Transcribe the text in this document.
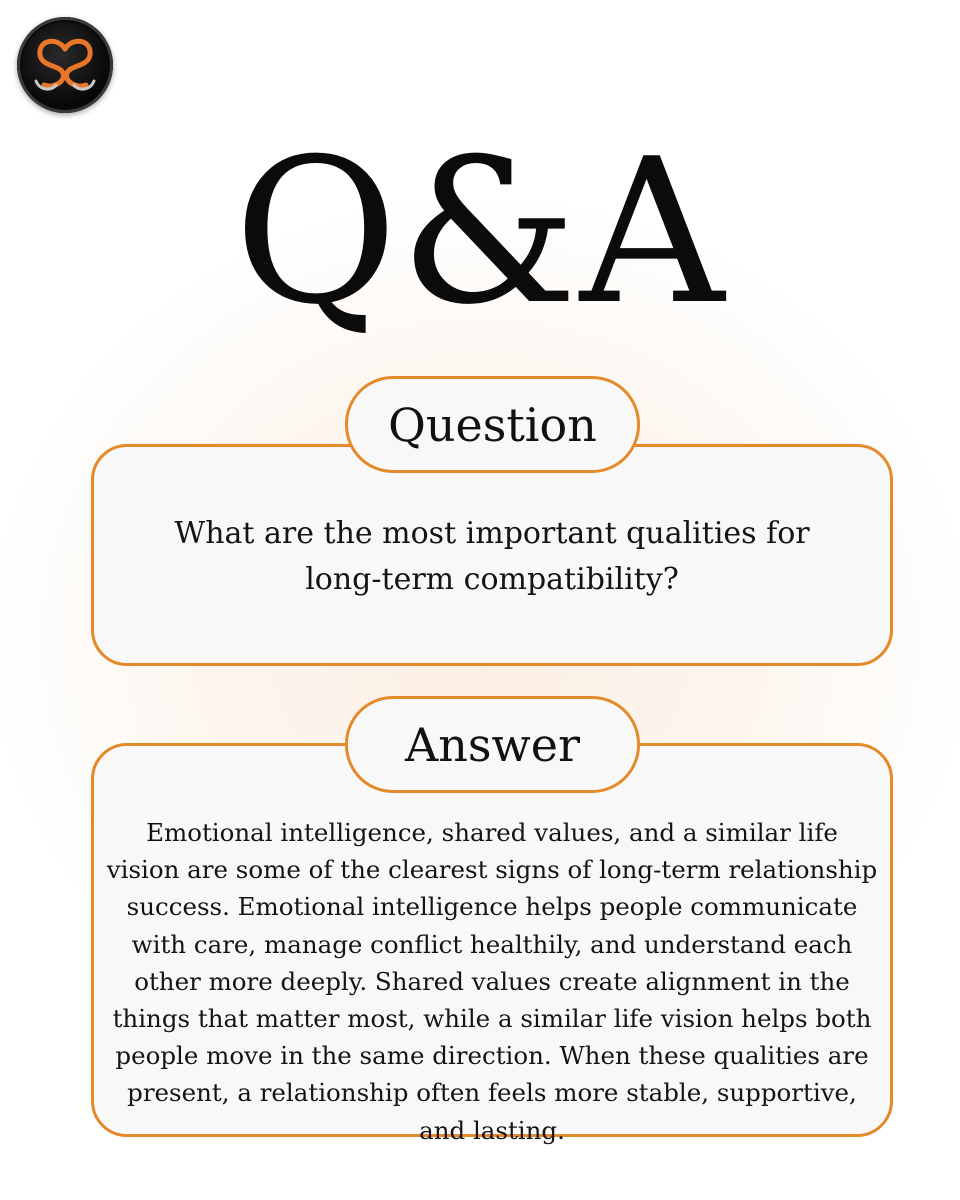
Q&A
What are the most important qualities for long-term compatibility?
Question
Emotional intelligence, shared values, and a similar life vision are some of the clearest signs of long-term relationship success. Emotional intelligence helps people communicate with care, manage conflict healthily, and understand each other more deeply. Shared values create alignment in the things that matter most, while a similar life vision helps both people move in the same direction. When these qualities are present, a relationship often feels more stable, supportive, and lasting.
Answer
